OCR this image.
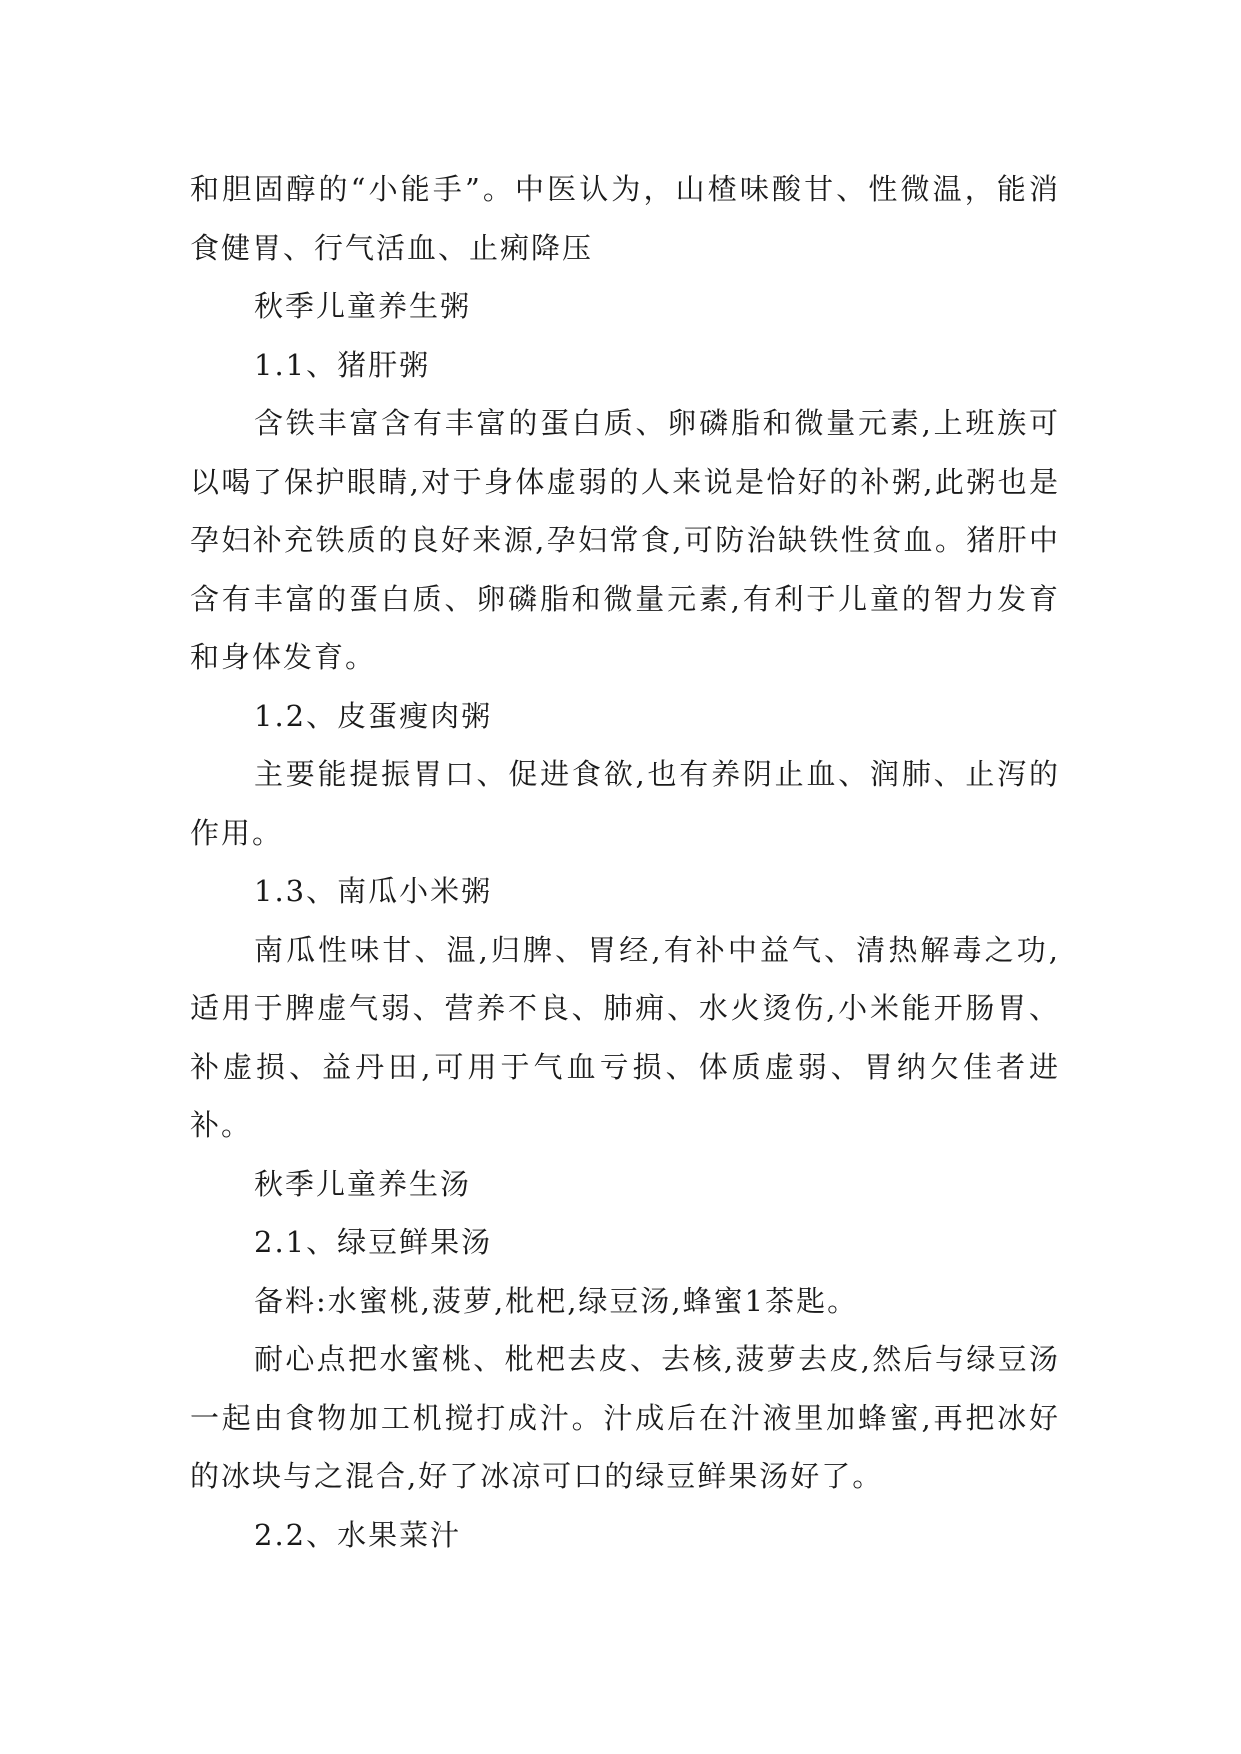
和胆固醇的“小能手”。中医认为，山楂味酸甘、性微温，能消食健胃、行气活血、止痢降压

秋季儿童养生粥

1.1、猪肝粥

含铁丰富含有丰富的蛋白质、卵磷脂和微量元素,上班族可以喝了保护眼睛,对于身体虚弱的人来说是恰好的补粥,此粥也是孕妇补充铁质的良好来源,孕妇常食,可防治缺铁性贫血。猪肝中含有丰富的蛋白质、卵磷脂和微量元素,有利于儿童的智力发育和身体发育。

1.2、皮蛋瘦肉粥

主要能提振胃口、促进食欲,也有养阴止血、润肺、止泻的作用。

1.3、南瓜小米粥

南瓜性味甘、温,归脾、胃经,有补中益气、清热解毒之功,适用于脾虚气弱、营养不良、肺痈、水火烫伤,小米能开肠胃、补虚损、益丹田,可用于气血亏损、体质虚弱、胃纳欠佳者进补。

秋季儿童养生汤

2.1、绿豆鲜果汤

备料:水蜜桃,菠萝,枇杷,绿豆汤,蜂蜜1茶匙。

耐心点把水蜜桃、枇杷去皮、去核,菠萝去皮,然后与绿豆汤一起由食物加工机搅打成汁。汁成后在汁液里加蜂蜜,再把冰好的冰块与之混合,好了冰凉可口的绿豆鲜果汤好了。

2.2、水果菜汁
